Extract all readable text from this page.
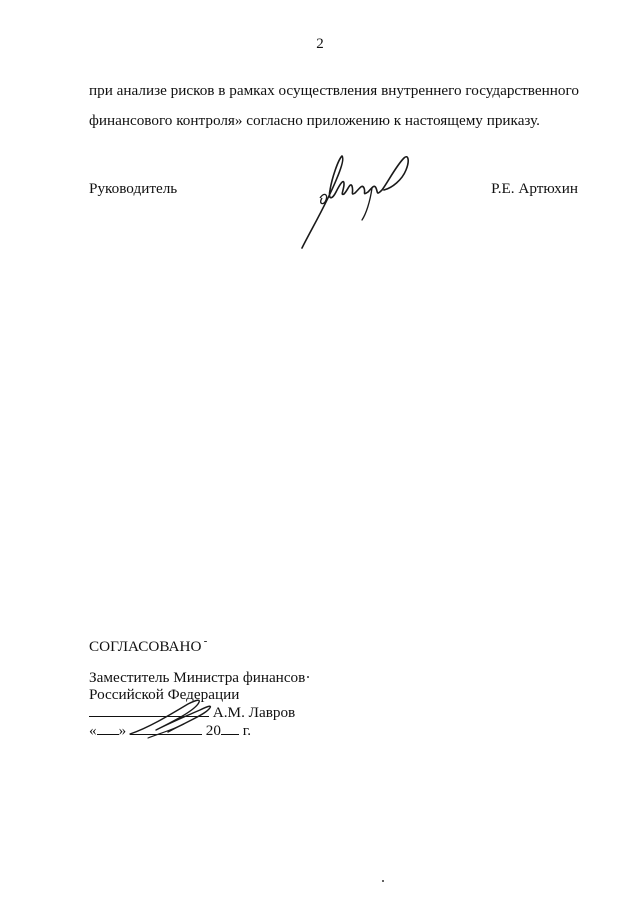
2

при анализе рисков в рамках осуществления внутреннего государственного
финансового контроля» согласно приложению к настоящему приказу.

Руководитель	Р.Е. Артюхин
СОГЛАСОВАНО
Заместитель Министра финансов
Российской Федерации
А.М. Лавров
« »	20 г.
